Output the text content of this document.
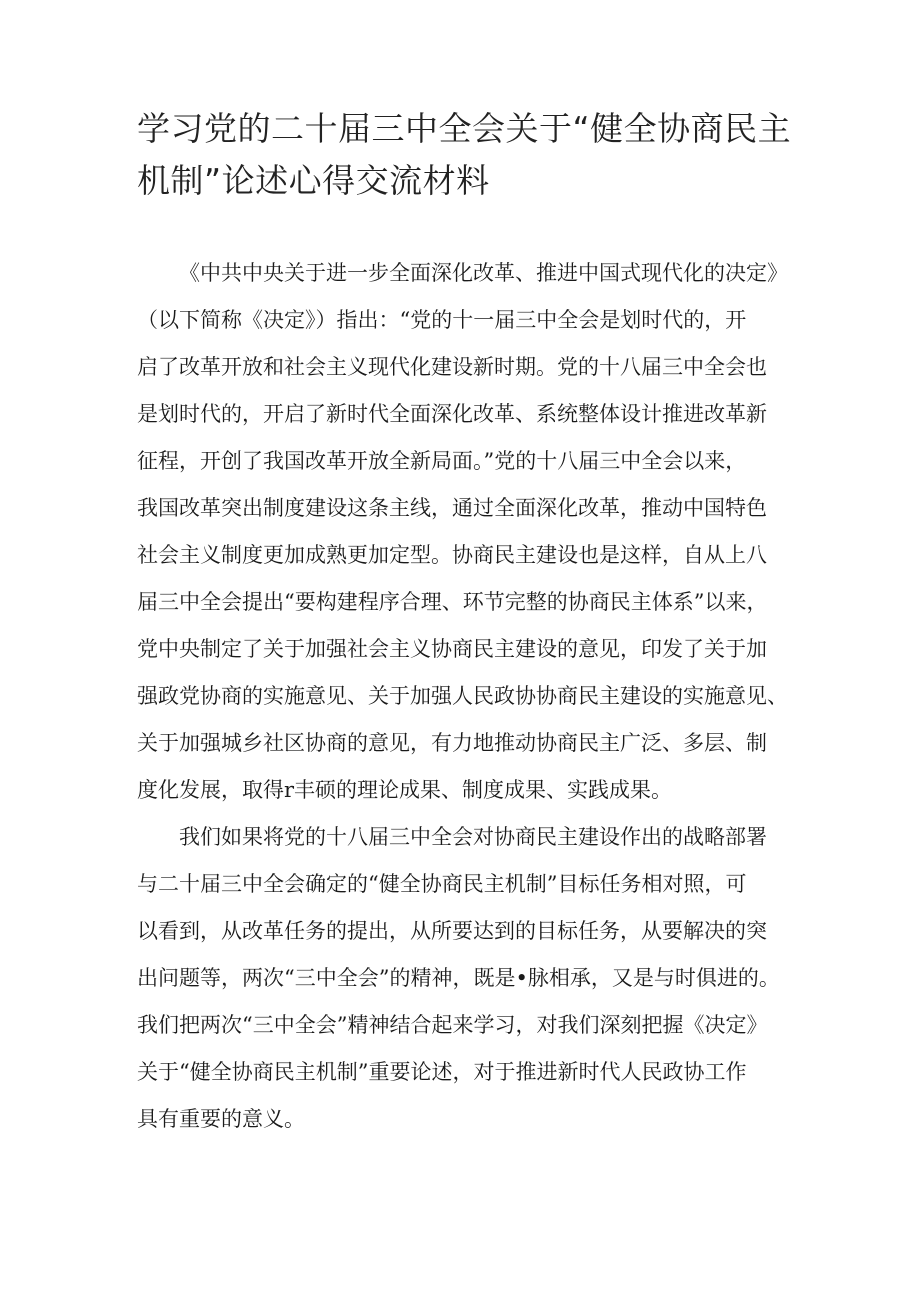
学习党的二十届三中全会关于“健全协商民主
机制”论述心得交流材料
《中共中央关于进一步全面深化改革、推进中国式现代化的决定》
（以下简称《决定》）指出：“党的十一届三中全会是划时代的，开
启了改革开放和社会主义现代化建设新时期。党的十八届三中全会也
是划时代的，开启了新时代全面深化改革、系统整体设计推进改革新
征程，开创了我国改革开放全新局面。”党的十八届三中全会以来，
我国改革突出制度建设这条主线，通过全面深化改革，推动中国特色
社会主义制度更加成熟更加定型。协商民主建设也是这样，自从上八
届三中全会提出“要构建程序合理、环节完整的协商民主体系”以来，
党中央制定了关于加强社会主义协商民主建设的意见，印发了关于加
强政党协商的实施意见、关于加强人民政协协商民主建设的实施意见、
关于加强城乡社区协商的意见，有力地推动协商民主广泛、多层、制
度化发展，取得r丰硕的理论成果、制度成果、实践成果。
我们如果将党的十八届三中全会对协商民主建设作出的战略部署
与二十届三中全会确定的“健全协商民主机制”目标任务相对照，可
以看到，从改革任务的提出，从所要达到的目标任务，从要解决的突
出问题等，两次“三中全会”的精神，既是•脉相承，又是与时俱进的。
我们把两次“三中全会”精神结合起来学习，对我们深刻把握《决定》
关于“健全协商民主机制”重要论述，对于推进新时代人民政协工作
具有重要的意义。
